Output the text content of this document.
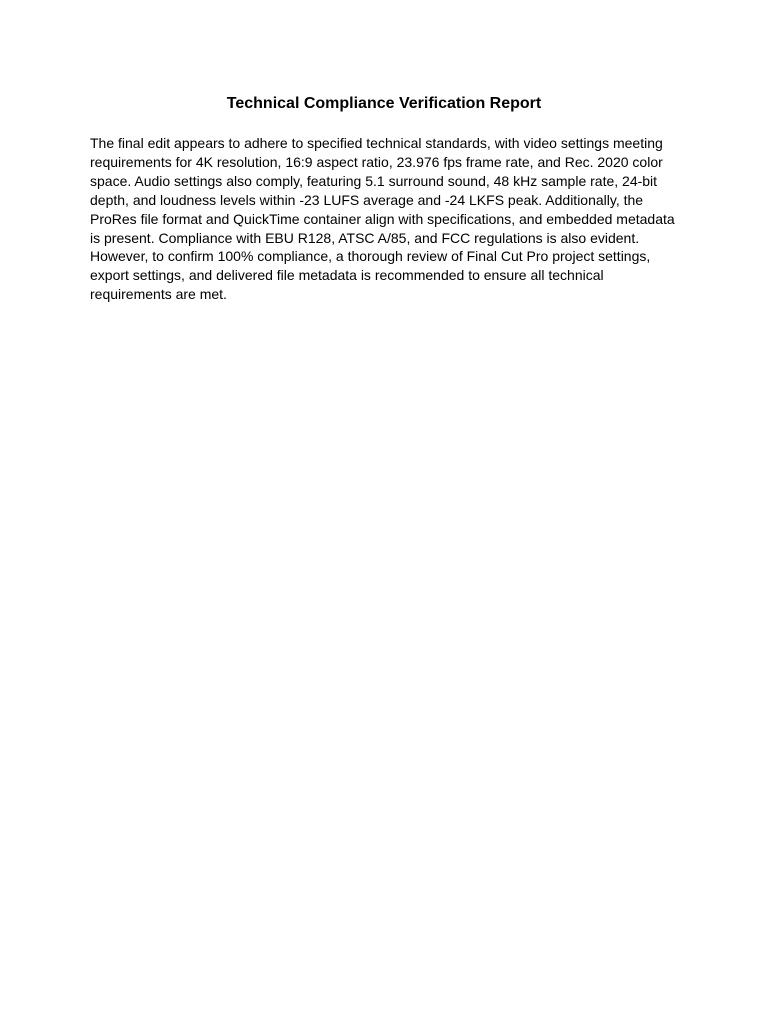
Technical Compliance Verification Report

The final edit appears to adhere to specified technical standards, with video settings meeting requirements for 4K resolution, 16:9 aspect ratio, 23.976 fps frame rate, and Rec. 2020 color space. Audio settings also comply, featuring 5.1 surround sound, 48 kHz sample rate, 24-bit depth, and loudness levels within -23 LUFS average and -24 LKFS peak. Additionally, the ProRes file format and QuickTime container align with specifications, and embedded metadata is present. Compliance with EBU R128, ATSC A/85, and FCC regulations is also evident. However, to confirm 100% compliance, a thorough review of Final Cut Pro project settings, export settings, and delivered file metadata is recommended to ensure all technical requirements are met.
